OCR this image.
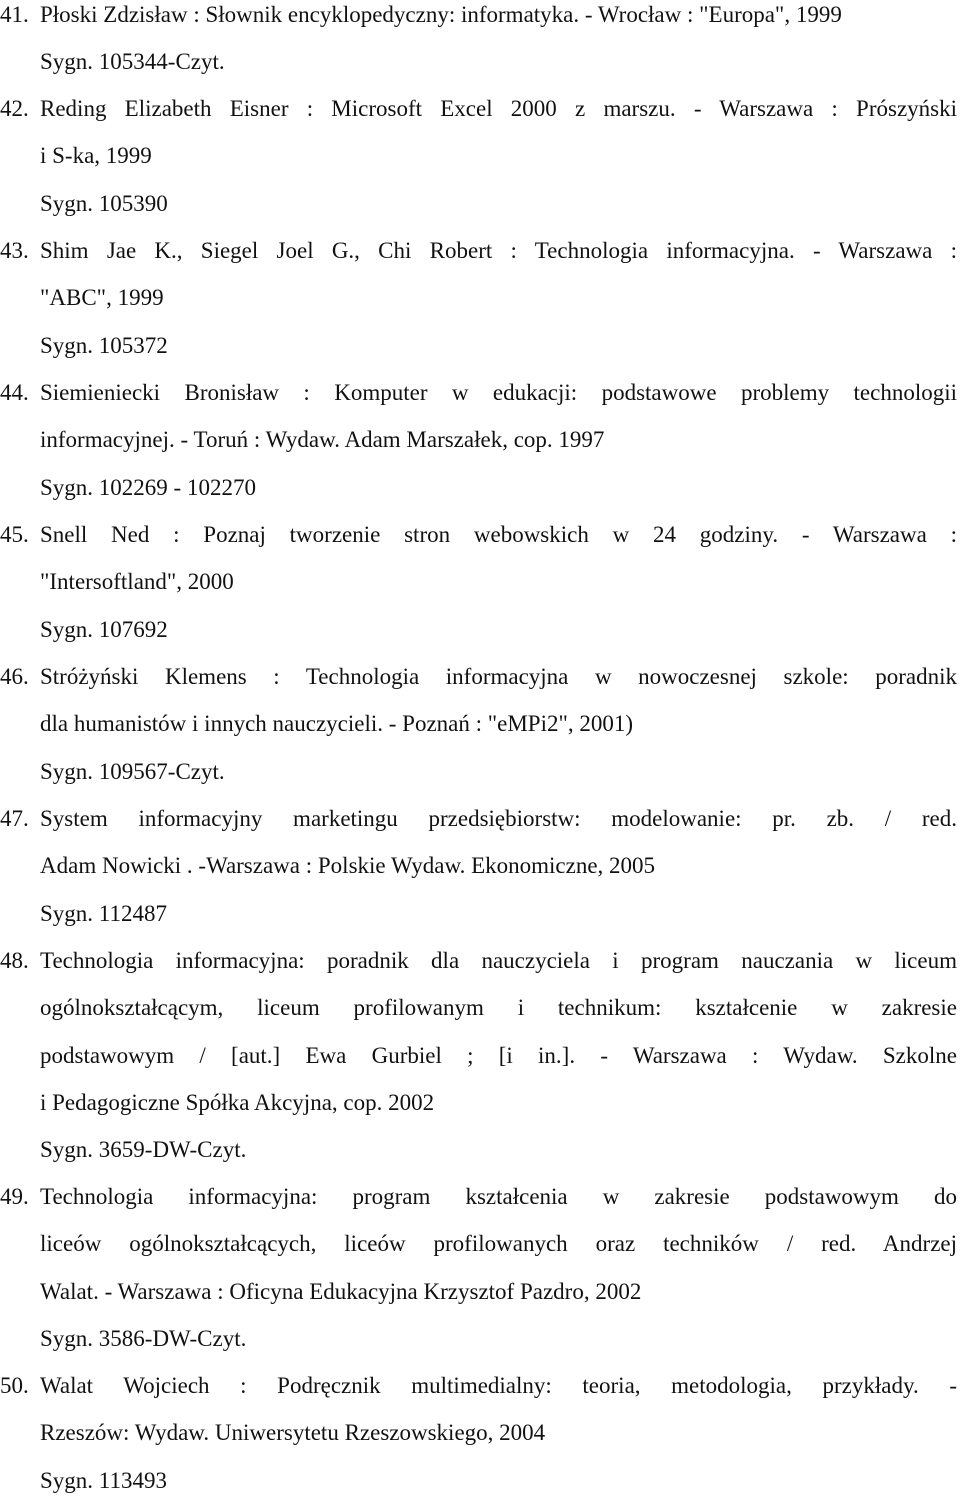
41. Płoski Zdzisław : Słownik encyklopedyczny: informatyka. - Wrocław : "Europa", 1999
Sygn. 105344-Czyt.
42. Reding Elizabeth Eisner : Microsoft Excel 2000 z marszu. - Warszawa : Prószyński
i S-ka, 1999
Sygn. 105390
43. Shim Jae K., Siegel Joel G., Chi Robert : Technologia informacyjna. - Warszawa :
"ABC", 1999
Sygn. 105372
44. Siemieniecki Bronisław : Komputer w edukacji: podstawowe problemy technologii
informacyjnej. - Toruń : Wydaw. Adam Marszałek, cop. 1997
Sygn. 102269 - 102270
45. Snell Ned : Poznaj tworzenie stron webowskich w 24 godziny. - Warszawa :
"Intersoftland", 2000
Sygn. 107692
46. Stróżyński Klemens : Technologia informacyjna w nowoczesnej szkole: poradnik
dla humanistów i innych nauczycieli. - Poznań : "eMPi2", 2001)
Sygn. 109567-Czyt.
47. System informacyjny marketingu przedsiębiorstw: modelowanie: pr. zb. / red.
Adam Nowicki . -Warszawa : Polskie Wydaw. Ekonomiczne, 2005
Sygn. 112487
48. Technologia informacyjna: poradnik dla nauczyciela i program nauczania w liceum
ogólnokształcącym, liceum profilowanym i technikum: kształcenie w zakresie
podstawowym / [aut.] Ewa Gurbiel ; [i in.]. - Warszawa : Wydaw. Szkolne
i Pedagogiczne Spółka Akcyjna, cop. 2002
Sygn. 3659-DW-Czyt.
49. Technologia informacyjna: program kształcenia w zakresie podstawowym do
liceów ogólnokształcących, liceów profilowanych oraz techników / red. Andrzej
Walat. - Warszawa : Oficyna Edukacyjna Krzysztof Pazdro, 2002
Sygn. 3586-DW-Czyt.
50. Walat Wojciech : Podręcznik multimedialny: teoria, metodologia, przykłady. -
Rzeszów: Wydaw. Uniwersytetu Rzeszowskiego, 2004
Sygn. 113493
